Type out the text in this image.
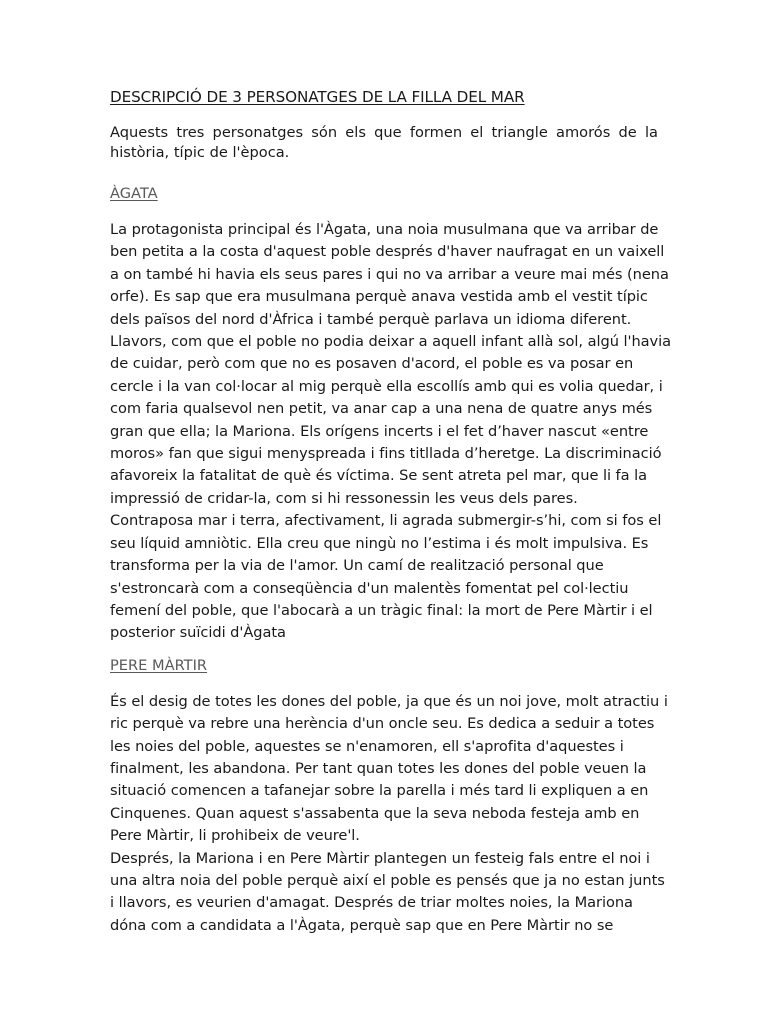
DESCRIPCIÓ DE 3 PERSONATGES DE LA FILLA DEL MAR

Aquests tres personatges són els que formen el triangle amorós de la història, típic de l'època.

ÀGATA

La protagonista principal és l'Àgata, una noia musulmana que va arribar de
ben petita a la costa d'aquest poble després d'haver naufragat en un vaixell
a on també hi havia els seus pares i qui no va arribar a veure mai més (nena
orfe). Es sap que era musulmana perquè anava vestida amb el vestit típic
dels països del nord d'Àfrica i també perquè parlava un idioma diferent.
Llavors, com que el poble no podia deixar a aquell infant allà sol, algú l'havia
de cuidar, però com que no es posaven d'acord, el poble es va posar en
cercle i la van col·locar al mig perquè ella escollís amb qui es volia quedar, i
com faria qualsevol nen petit, va anar cap a una nena de quatre anys més
gran que ella; la Mariona. Els orígens incerts i el fet d’haver nascut «entre
moros» fan que sigui menyspreada i fins titllada d’heretge. La discriminació
afavoreix la fatalitat de què és víctima. Se sent atreta pel mar, que li fa la
impressió de cridar-la, com si hi ressonessin les veus dels pares.
Contraposa mar i terra, afectivament, li agrada submergir-s’hi, com si fos el
seu líquid amniòtic. Ella creu que ningù no l’estima i és molt impulsiva. Es
transforma per la via de l'amor. Un camí de realització personal que
s'estroncarà com a conseqüència d'un malentès fomentat pel col·lectiu
femení del poble, que l'abocarà a un tràgic final: la mort de Pere Màrtir i el
posterior suïcidi d'Àgata

PERE MÀRTIR

És el desig de totes les dones del poble, ja que és un noi jove, molt atractiu i
ric perquè va rebre una herència d'un oncle seu. Es dedica a seduir a totes
les noies del poble, aquestes se n'enamoren, ell s'aprofita d'aquestes i
finalment, les abandona. Per tant quan totes les dones del poble veuen la
situació comencen a tafanejar sobre la parella i més tard li expliquen a en
Cinquenes. Quan aquest s'assabenta que la seva neboda festeja amb en
Pere Màrtir, li prohibeix de veure'l.
Després, la Mariona i en Pere Màrtir plantegen un festeig fals entre el noi i
una altra noia del poble perquè així el poble es pensés que ja no estan junts
i llavors, es veurien d'amagat. Després de triar moltes noies, la Mariona
dóna com a candidata a l'Àgata, perquè sap que en Pere Màrtir no se
